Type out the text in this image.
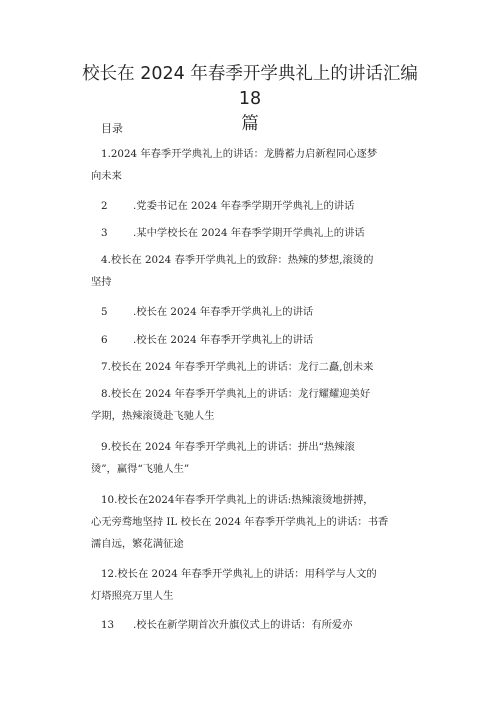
校长在 2024 年春季开学典礼上的讲话汇编 18
篇
目录
1.2024 年春季开学典礼上的讲话：龙腾蓄力启新程同心逐梦
向未来
2 .党委书记在 2024 年春季学期开学典礼上的讲话
3 .某中学校长在 2024 年春季学期开学典礼上的讲话
4.校长在 2024 春季开学典礼上的致辞：热辣的梦想,滚烫的
坚持
5 .校长在 2024 年春季开学典礼上的讲话
6 .校长在 2024 年春季开学典礼上的讲话
7.校长在 2024 年春季开学典礼上的讲话：龙行二矗,创未来
8.校长在 2024 年春季开学典礼上的讲话：龙行耀耀迎美好
学期，热辣滚烫赴飞驰人生
9.校长在 2024 年春季开学典礼上的讲话：拼出“热辣滚
烫”，赢得“飞驰人生”
10.校长在2024年春季开学典礼上的讲话:热辣滚烫地拼搏，
心无旁骛地坚持 IL 校长在 2024 年春季开学典礼上的讲话：书香
濡自远，繁花满征途
12.校长在 2024 年春季开学典礼上的讲话：用科学与人文的
灯塔照亮万里人生
13 .校长在新学期首次升旗仪式上的讲话：有所爱亦
